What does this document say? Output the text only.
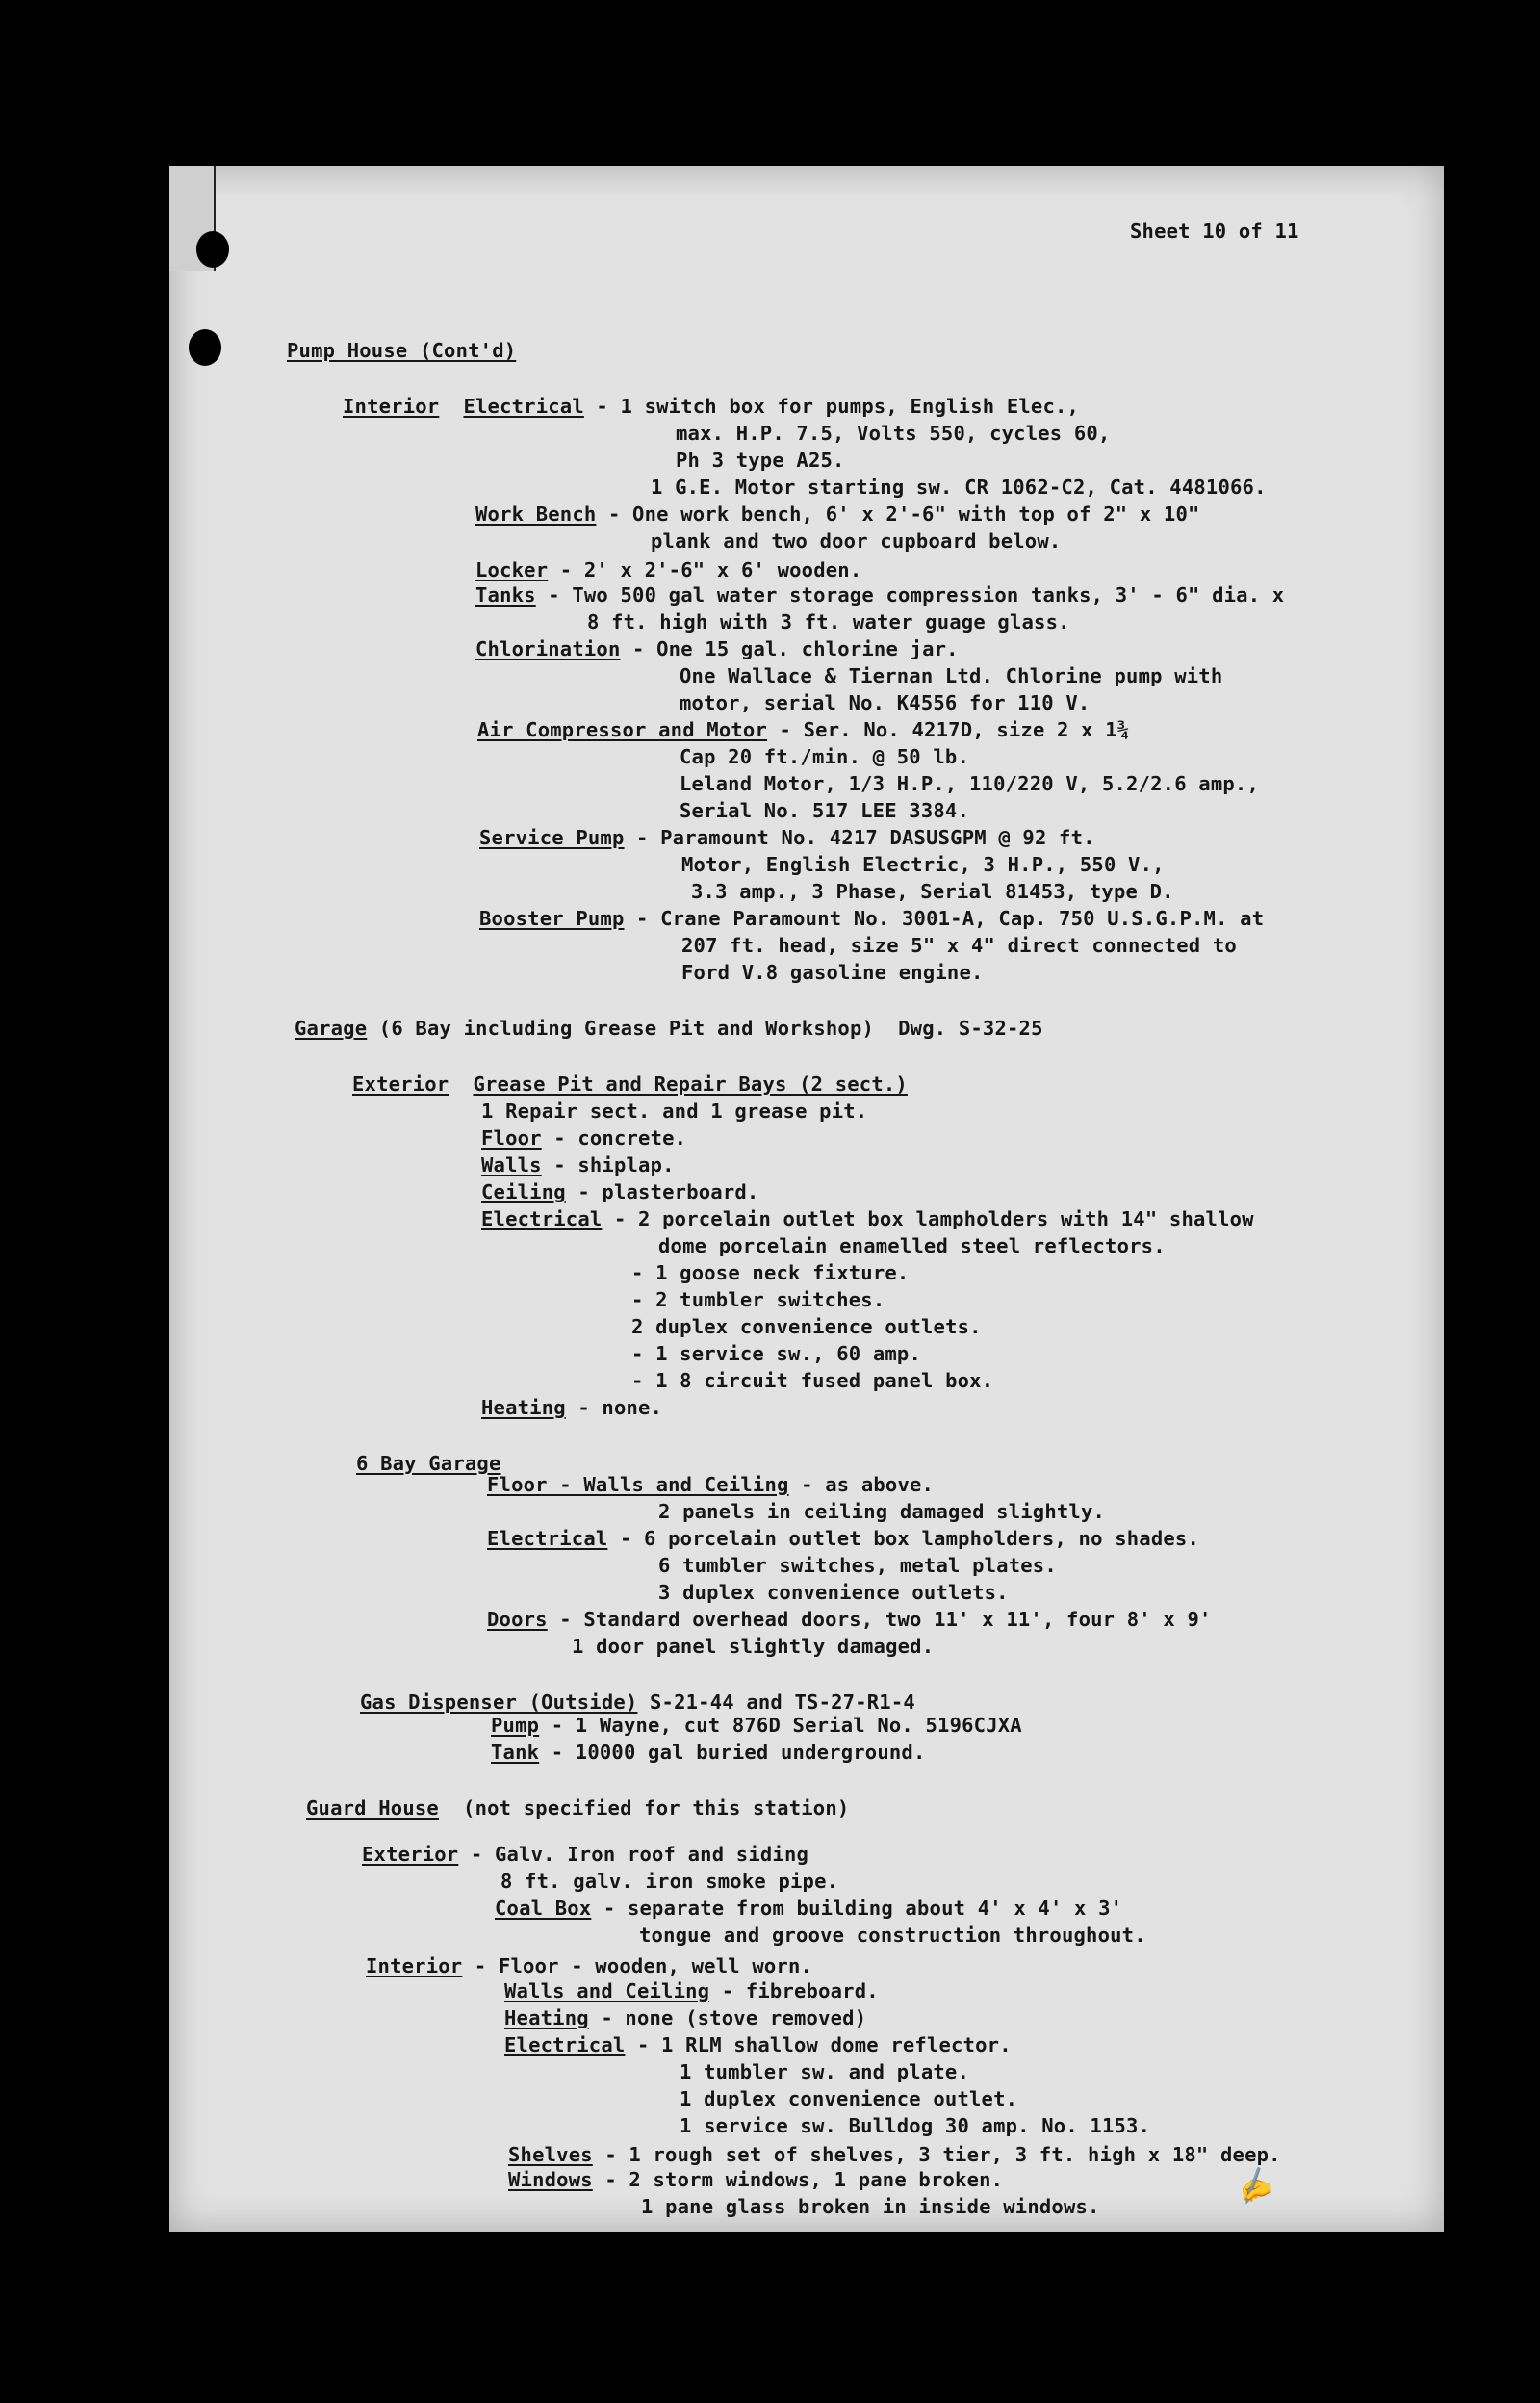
Sheet 10 of 11
Pump House (Cont'd)
Interior Electrical - 1 switch box for pumps, English Elec.,
max. H.P. 7.5, Volts 550, cycles 60,
Ph 3 type A25.
1 G.E. Motor starting sw. CR 1062-C2, Cat. 4481066.
Work Bench - One work bench, 6' x 2'-6" with top of 2" x 10"
plank and two door cupboard below.
Locker - 2' x 2'-6" x 6' wooden.
Tanks - Two 500 gal water storage compression tanks, 3' - 6" dia. x
8 ft. high with 3 ft. water guage glass.
Chlorination - One 15 gal. chlorine jar.
One Wallace & Tiernan Ltd. Chlorine pump with
motor, serial No. K4556 for 110 V.
Air Compressor and Motor - Ser. No. 4217D, size 2 x 1¾
Cap 20 ft./min. @ 50 lb.
Leland Motor, 1/3 H.P., 110/220 V, 5.2/2.6 amp.,
Serial No. 517 LEE 3384.
Service Pump - Paramount No. 4217 DASUSGPM @ 92 ft.
Motor, English Electric, 3 H.P., 550 V.,
3.3 amp., 3 Phase, Serial 81453, type D.
Booster Pump - Crane Paramount No. 3001-A, Cap. 750 U.S.G.P.M. at
207 ft. head, size 5" x 4" direct connected to
Ford V.8 gasoline engine.
Garage (6 Bay including Grease Pit and Workshop)  Dwg. S-32-25
Exterior Grease Pit and Repair Bays (2 sect.)
1 Repair sect. and 1 grease pit.
Floor - concrete.
Walls - shiplap.
Ceiling - plasterboard.
Electrical - 2 porcelain outlet box lampholders with 14" shallow
dome porcelain enamelled steel reflectors.
- 1 goose neck fixture.
- 2 tumbler switches.
2 duplex convenience outlets.
- 1 service sw., 60 amp.
- 1 8 circuit fused panel box.
Heating - none.
6 Bay Garage
Floor - Walls and Ceiling - as above.
2 panels in ceiling damaged slightly.
Electrical - 6 porcelain outlet box lampholders, no shades.
6 tumbler switches, metal plates.
3 duplex convenience outlets.
Doors - Standard overhead doors, two 11' x 11', four 8' x 9'
1 door panel slightly damaged.
Gas Dispenser (Outside) S-21-44 and TS-27-R1-4
Pump - 1 Wayne, cut 876D Serial No. 5196CJXA
Tank - 10000 gal buried underground.
Guard House  (not specified for this station)
Exterior - Galv. Iron roof and siding
8 ft. galv. iron smoke pipe.
Coal Box - separate from building about 4' x 4' x 3'
tongue and groove construction throughout.
Interior - Floor - wooden, well worn.
Walls and Ceiling - fibreboard.
Heating - none (stove removed)
Electrical - 1 RLM shallow dome reflector.
1 tumbler sw. and plate.
1 duplex convenience outlet.
1 service sw. Bulldog 30 amp. No. 1153.
Shelves - 1 rough set of shelves, 3 tier, 3 ft. high x 18" deep.
Windows - 2 storm windows, 1 pane broken.
1 pane glass broken in inside windows.	✍
